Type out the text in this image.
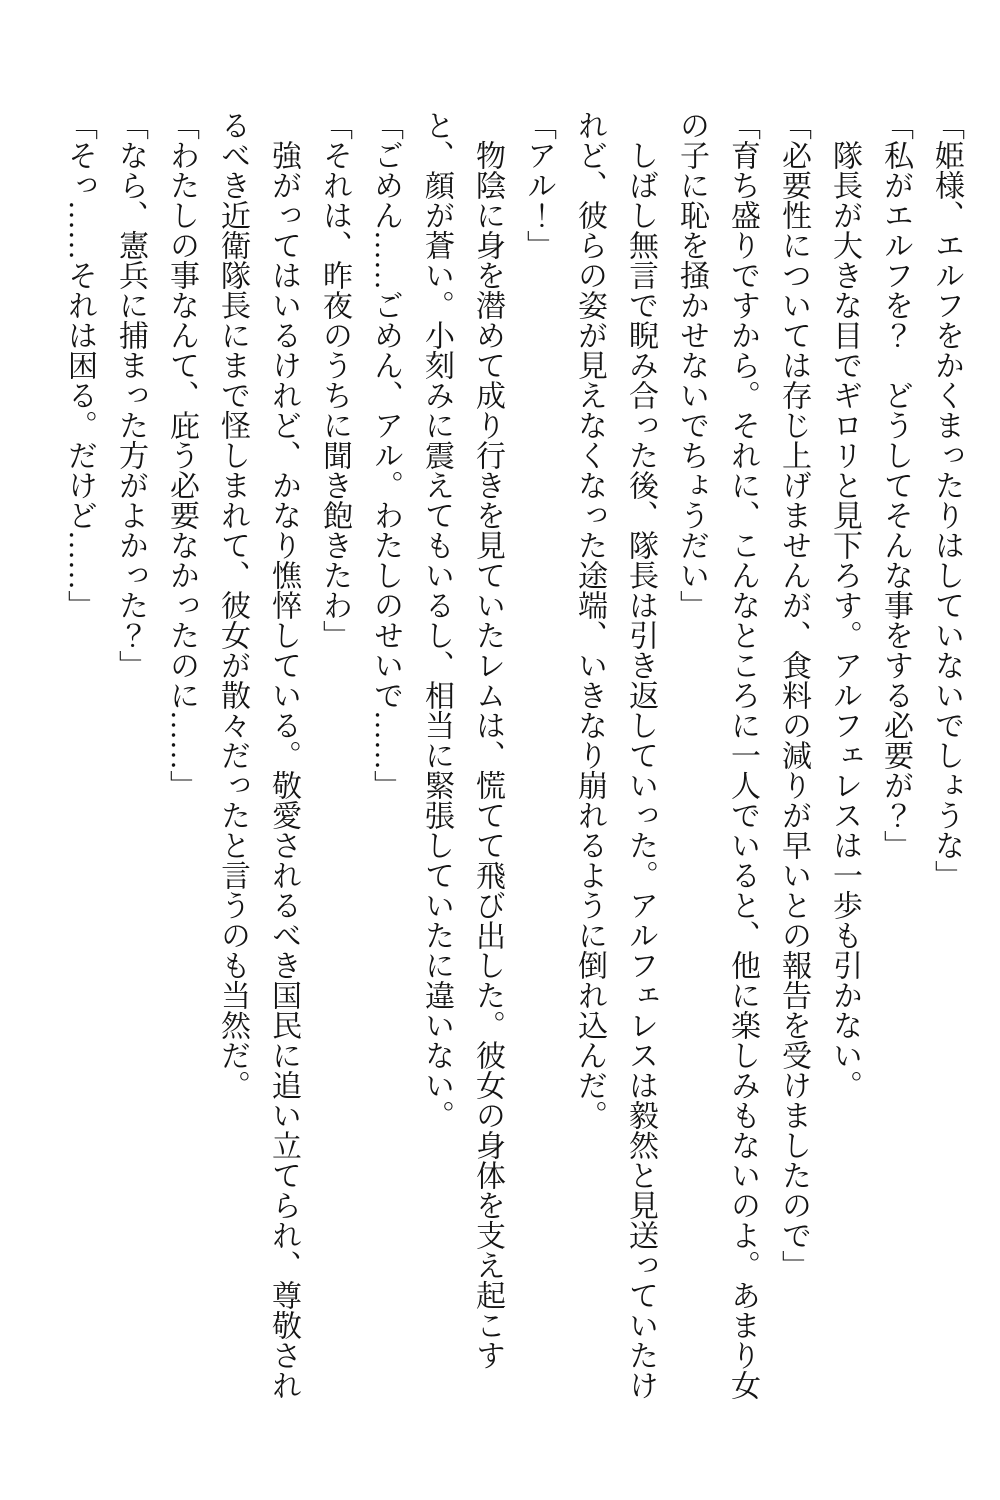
「姫様、エルフをかくまったりはしていないでしょうな」

「私がエルフを？　どうしてそんな事をする必要が？」

隊長が大きな目でギロリと見下ろす。アルフェレスは一歩も引かない。

「必要性については存じ上げませんが、食料の減りが早いとの報告を受けましたので」

「育ち盛りですから。それに、こんなところに一人でいると、他に楽しみもないのよ。あまり女の子に恥を掻かせないでちょうだい」

しばし無言で睨み合った後、隊長は引き返していった。アルフェレスは毅然と見送っていたけれど、彼らの姿が見えなくなった途端、いきなり崩れるように倒れ込んだ。

「アル！」

物陰に身を潜めて成り行きを見ていたレムは、慌てて飛び出した。彼女の身体を支え起こすと、顔が蒼い。小刻みに震えてもいるし、相当に緊張していたに違いない。

「ごめん……ごめん、アル。わたしのせいで……」

「それは、昨夜のうちに聞き飽きたわ」

強がってはいるけれど、かなり憔悴している。敬愛されるべき国民に追い立てられ、尊敬されるべき近衛隊長にまで怪しまれて、彼女が散々だったと言うのも当然だ。

「わたしの事なんて、庇う必要なかったのに……」

「なら、憲兵に捕まった方がよかった？」

「そっ……それは困る。だけど……」
